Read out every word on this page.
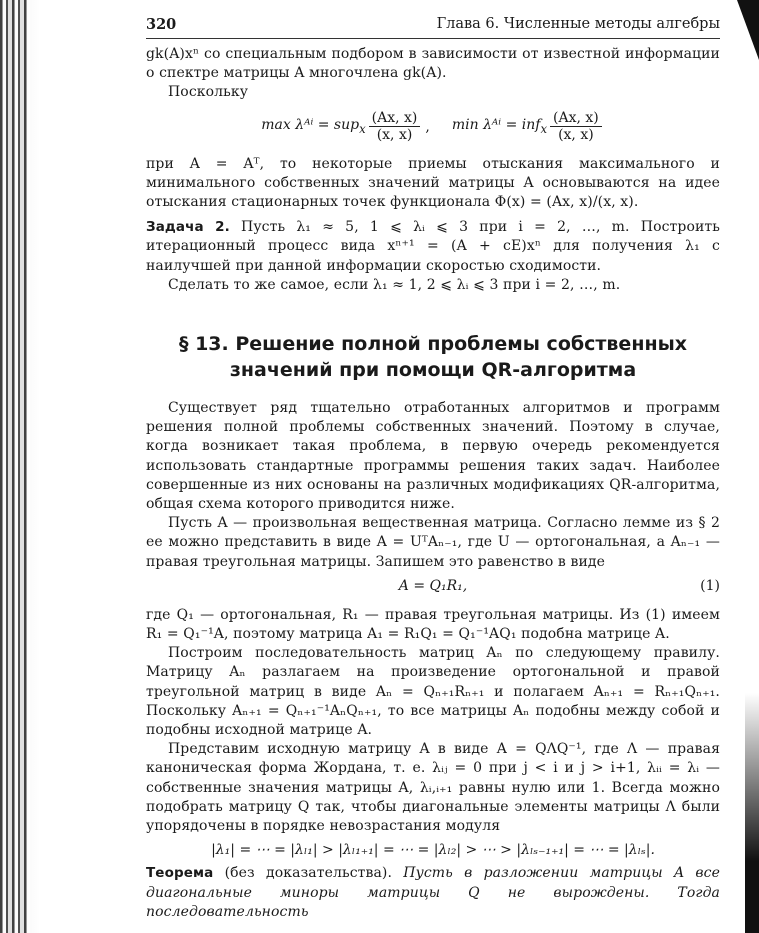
320	Глава 6. Численные методы алгебры

gk(A)xⁿ со специальным подбором в зависимости от известной информации о спектре матрицы A многочлена gk(A).

Поскольку

max λᴬⁱ = $sup_x \frac{(Ax, x)}{(x, x)}$ , min λᴬⁱ = $inf_x \frac{(Ax, x)}{(x, x)}$

при A = Aᵀ, то некоторые приемы отыскания максимального и минимального собственных значений матрицы A основываются на идее отыскания стационарных точек функционала Φ(x) = (Ax, x)/(x, x).

Задача 2. Пусть λ₁ ≈ 5, 1 ⩽ λᵢ ⩽ 3 при i = 2, …, m. Построить итерационный процесс вида xⁿ⁺¹ = (A + cE)xⁿ для получения λ₁ с наилучшей при данной информации скоростью сходимости.

Сделать то же самое, если λ₁ ≈ 1, 2 ⩽ λᵢ ⩽ 3 при i = 2, …, m.

§ 13. Решение полной проблемы собственных значений при помощи QR-алгоритма

Существует ряд тщательно отработанных алгоритмов и программ решения полной проблемы собственных значений. Поэтому в случае, когда возникает такая проблема, в первую очередь рекомендуется использовать стандартные программы решения таких задач. Наиболее совершенные из них основаны на различных модификациях QR-алгоритма, общая схема которого приводится ниже.

Пусть A — произвольная вещественная матрица. Согласно лемме из § 2 ее можно представить в виде A = UᵀAₙ₋₁, где U — ортогональная, а Aₙ₋₁ — правая треугольная матрицы. Запишем это равенство в виде

A = Q₁R₁,	(1)

где Q₁ — ортогональная, R₁ — правая треугольная матрицы. Из (1) имеем R₁ = Q₁⁻¹A, поэтому матрица A₁ = R₁Q₁ = Q₁⁻¹AQ₁ подобна матрице A.

Построим последовательность матриц Aₙ по следующему правилу. Матрицу Aₙ разлагаем на произведение ортогональной и правой треугольной матриц в виде Aₙ = Qₙ₊₁Rₙ₊₁ и полагаем Aₙ₊₁ = Rₙ₊₁Qₙ₊₁. Поскольку Aₙ₊₁ = Qₙ₊₁⁻¹AₙQₙ₊₁, то все матрицы Aₙ подобны между собой и подобны исходной матрице A.

Представим исходную матрицу A в виде A = QΛQ⁻¹, где Λ — правая каноническая форма Жордана, т. е. λᵢⱼ = 0 при j < i и j > i+1, λᵢᵢ = λᵢ — собственные значения матрицы A, λᵢ,ᵢ₊₁ равны нулю или 1. Всегда можно подобрать матрицу Q так, чтобы диагональные элементы матрицы Λ были упорядочены в порядке невозрастания модуля

|λ₁| = ⋯ = |λₗ₁| > |λₗ₁₊₁| = ⋯ = |λₗ₂| > ⋯ > |λₗₛ₋₁₊₁| = ⋯ = |λₗₛ|.

Теорема (без доказательства). Пусть в разложении матрицы A все диагональные миноры матрицы Q не вырождены. Тогда последовательность
